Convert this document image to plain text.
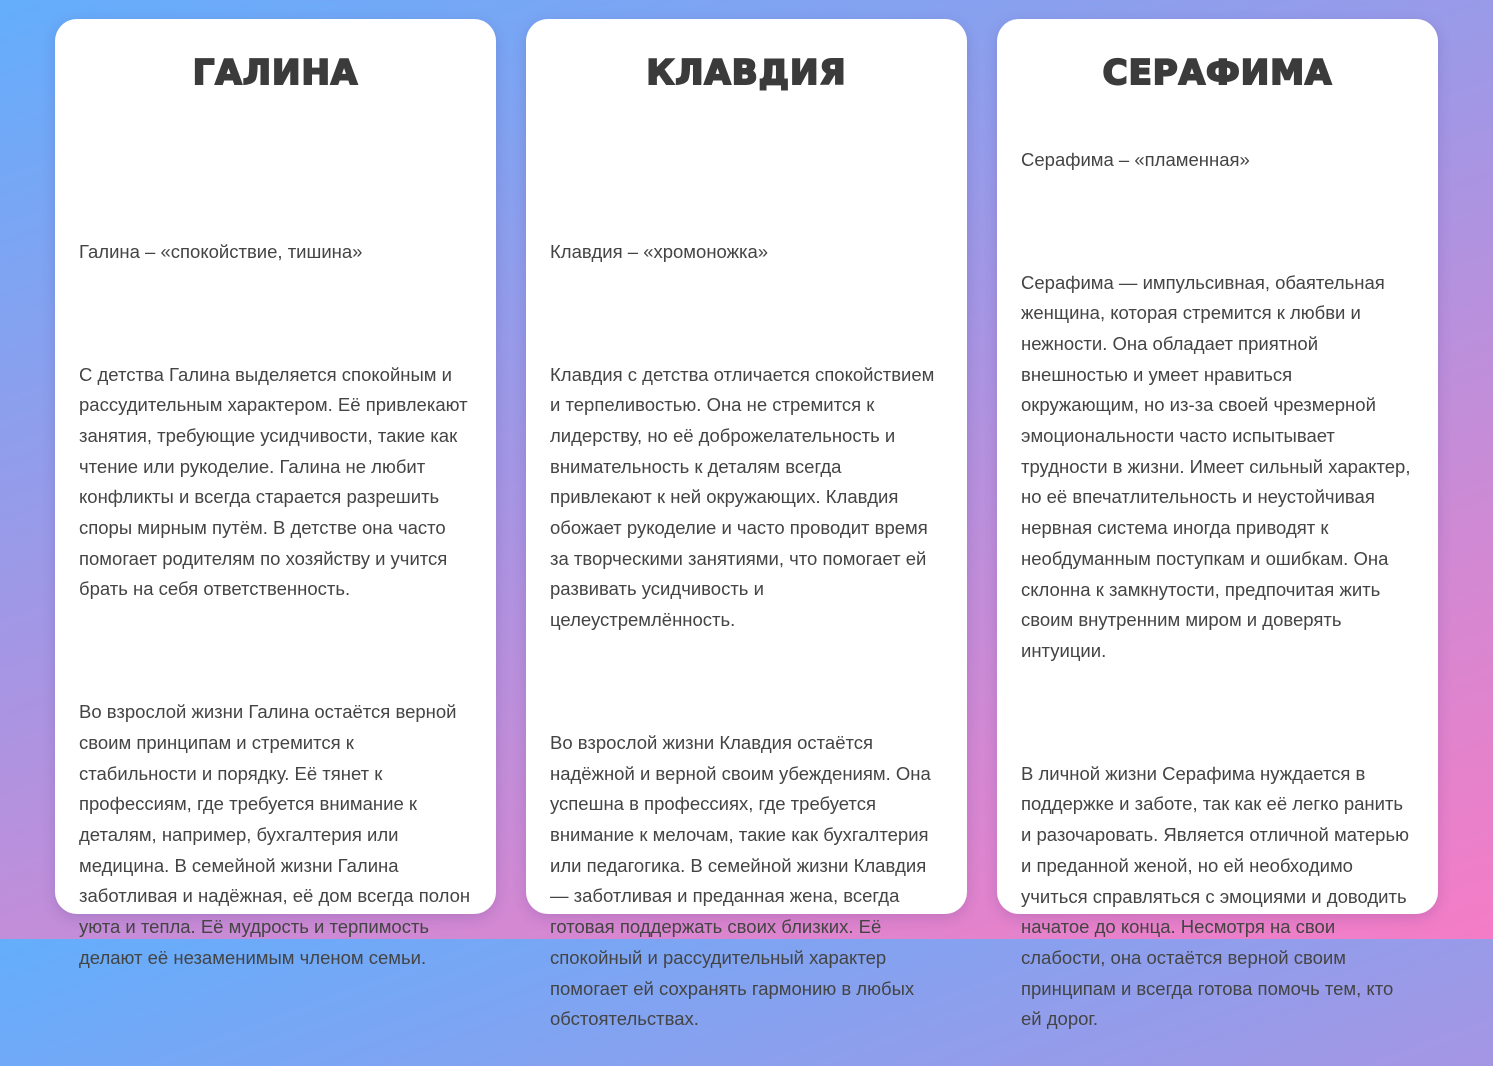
ГАЛИНА

Галина – «спокойствие, тишина»

С детства Галина выделяется спокойным и рассудительным характером. Её привлекают занятия, требующие усидчивости, такие как чтение или рукоделие. Галина не любит конфликты и всегда старается разрешить споры мирным путём. В детстве она часто помогает родителям по хозяйству и учится брать на себя ответственность.

Во взрослой жизни Галина остаётся верной своим принципам и стремится к стабильности и порядку. Её тянет к профессиям, где требуется внимание к деталям, например, бухгалтерия или медицина. В семейной жизни Галина заботливая и надёжная, её дом всегда полон уюта и тепла. Её мудрость и терпимость делают её незаменимым членом семьи.

КЛАВДИЯ

Клавдия – «хромоножка»

Клавдия с детства отличается спокойствием и терпеливостью. Она не стремится к лидерству, но её доброжелательность и внимательность к деталям всегда привлекают к ней окружающих. Клавдия обожает рукоделие и часто проводит время за творческими занятиями, что помогает ей развивать усидчивость и целеустремлённость.

Во взрослой жизни Клавдия остаётся надёжной и верной своим убеждениям. Она успешна в профессиях, где требуется внимание к мелочам, такие как бухгалтерия или педагогика. В семейной жизни Клавдия — заботливая и преданная жена, всегда готовая поддержать своих близких. Её спокойный и рассудительный характер помогает ей сохранять гармонию в любых обстоятельствах.

СЕРАФИМА

Серафима – «пламенная»

Серафима — импульсивная, обаятельная женщина, которая стремится к любви и нежности. Она обладает приятной внешностью и умеет нравиться окружающим, но из-за своей чрезмерной эмоциональности часто испытывает трудности в жизни. Имеет сильный характер, но её впечатлительность и неустойчивая нервная система иногда приводят к необдуманным поступкам и ошибкам. Она склонна к замкнутости, предпочитая жить своим внутренним миром и доверять интуиции.

В личной жизни Серафима нуждается в поддержке и заботе, так как её легко ранить и разочаровать. Является отличной матерью и преданной женой, но ей необходимо учиться справляться с эмоциями и доводить начатое до конца. Несмотря на свои слабости, она остаётся верной своим принципам и всегда готова помочь тем, кто ей дорог.
